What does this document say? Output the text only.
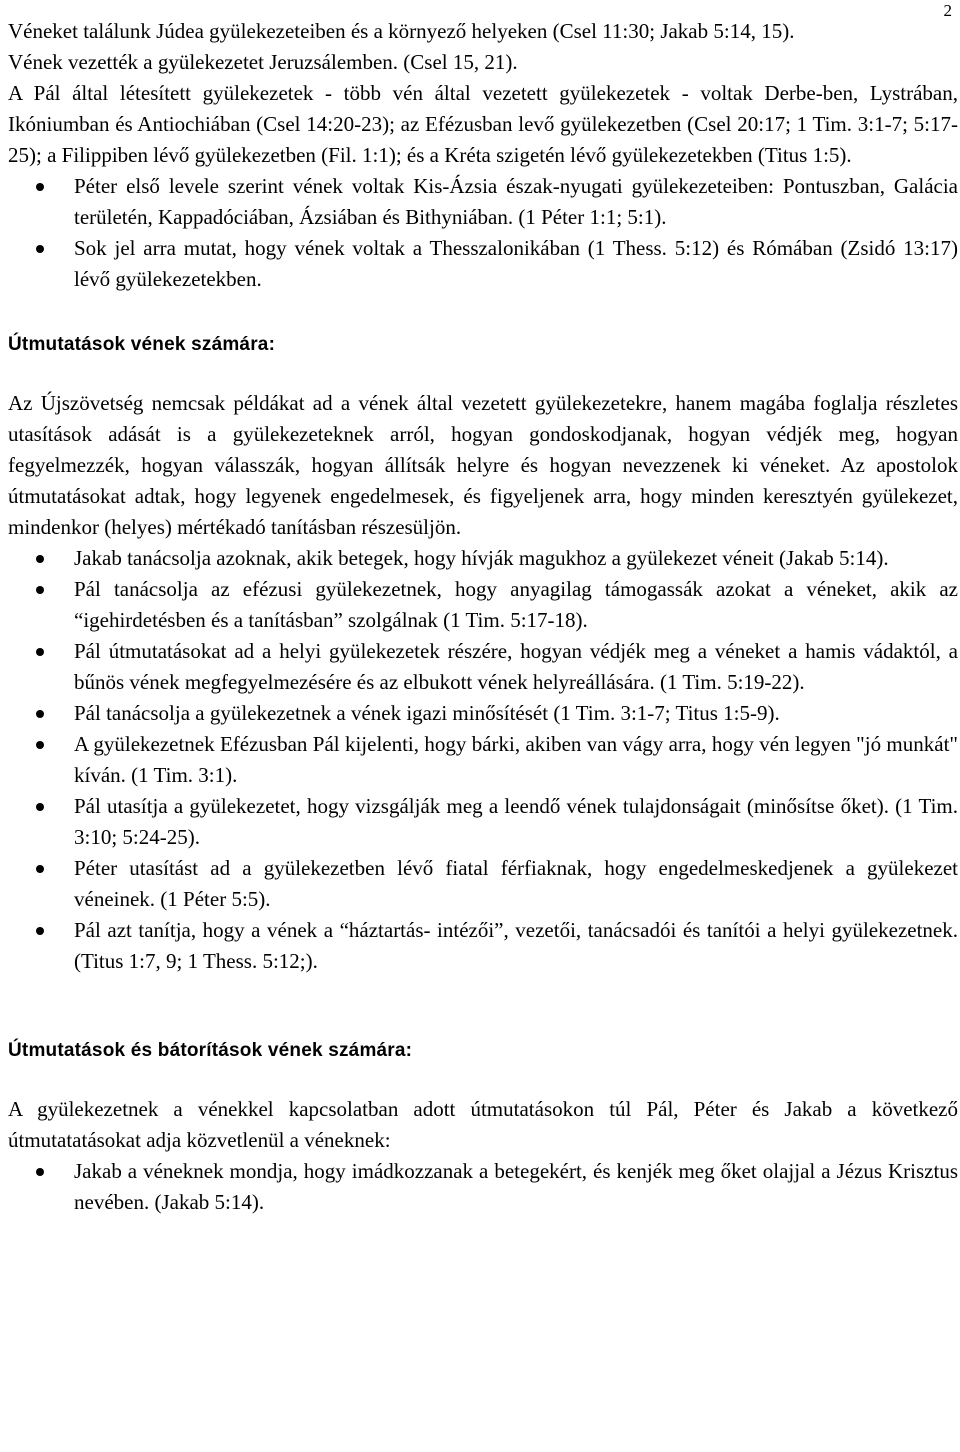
2

Véneket találunk Júdea gyülekezeteiben és a környező helyeken (Csel 11:30; Jakab 5:14, 15).

Vének vezették a gyülekezetet Jeruzsálemben. (Csel 15, 21).

A Pál által létesített gyülekezetek - több vén által vezetett gyülekezetek - voltak Derbe-ben, Lystrában, Ikóniumban és Antiochiában (Csel 14:20-23); az Efézusban levő gyülekezetben (Csel 20:17; 1 Tim. 3:1-7; 5:17-25); a Filippiben lévő gyülekezetben (Fil. 1:1); és a Kréta szigetén lévő gyülekezetekben (Titus 1:5).

Péter első levele szerint vének voltak Kis-Ázsia észak-nyugati gyülekezeteiben: Pontuszban, Galácia területén, Kappadóciában, Ázsiában és Bithyniában. (1 Péter 1:1; 5:1).
Sok jel arra mutat, hogy vének voltak a Thesszalonikában (1 Thess. 5:12) és Rómában (Zsidó 13:17) lévő gyülekezetekben.

Útmutatások vének számára:

Az Újszövetség nemcsak példákat ad a vének által vezetett gyülekezetekre, hanem magába foglalja részletes utasítások adását is a gyülekezeteknek arról, hogyan gondoskodjanak, hogyan védjék meg, hogyan fegyelmezzék, hogyan válasszák, hogyan állítsák helyre és hogyan nevezzenek ki véneket. Az apostolok útmutatásokat adtak, hogy legyenek engedelmesek, és figyeljenek arra, hogy minden keresztyén gyülekezet, mindenkor (helyes) mértékadó tanításban részesüljön.

Jakab tanácsolja azoknak, akik betegek, hogy hívják magukhoz a gyülekezet véneit (Jakab 5:14).
Pál tanácsolja az efézusi gyülekezetnek, hogy anyagilag támogassák azokat a véneket, akik az “igehirdetésben és a tanításban” szolgálnak (1 Tim. 5:17-18).
Pál útmutatásokat ad a helyi gyülekezetek részére, hogyan védjék meg a véneket a hamis vádaktól, a bűnös vének megfegyelmezésére és az elbukott vének helyreállására. (1 Tim. 5:19-22).
Pál tanácsolja a gyülekezetnek a vének igazi minősítését (1 Tim. 3:1-7; Titus 1:5-9).
A gyülekezetnek Efézusban Pál kijelenti, hogy bárki, akiben van vágy arra, hogy vén legyen "jó munkát" kíván. (1 Tim. 3:1).
Pál utasítja a gyülekezetet, hogy vizsgálják meg a leendő vének tulajdonságait (minősítse őket). (1 Tim. 3:10; 5:24-25).
Péter utasítást ad a gyülekezetben lévő fiatal férfiaknak, hogy engedelmeskedjenek a gyülekezet véneinek. (1 Péter 5:5).
Pál azt tanítja, hogy a vének a “háztartás- intézői”, vezetői, tanácsadói és tanítói a helyi gyülekezetnek. (Titus 1:7, 9; 1 Thess. 5:12;).

Útmutatások és bátorítások vének számára:

A gyülekezetnek a vénekkel kapcsolatban adott útmutatásokon túl Pál, Péter és Jakab a következő útmutatatásokat adja közvetlenül a véneknek:

Jakab a véneknek mondja, hogy imádkozzanak a betegekért, és kenjék meg őket olajjal a Jézus Krisztus nevében. (Jakab 5:14).
